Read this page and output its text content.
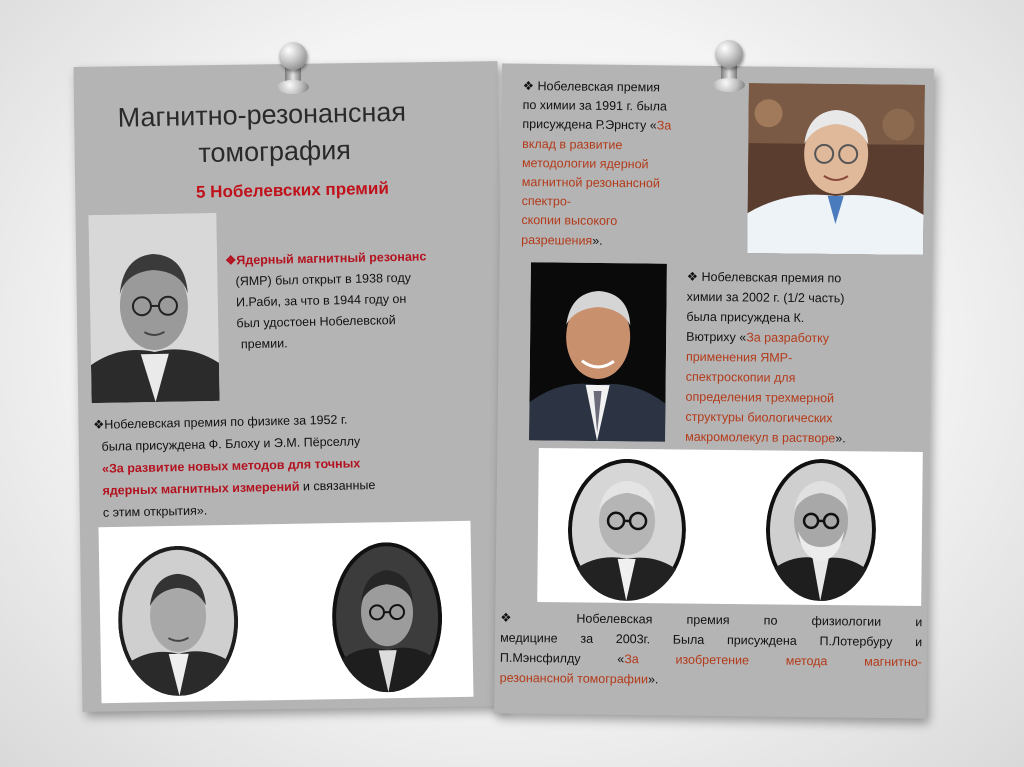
Магнитно-резонансная
томография
5 Нобелевских премий
❖Ядерный магнитный резонанс
(ЯМР) был открыт в 1938 году
И.Раби, за что в 1944 году он
был удостоен Нобелевской
премии.
❖Нобелевская премия по физике за 1952 г.
была присуждена Ф. Блоху и Э.М. Пёрселлу
«За развитие новых методов для точных
ядерных магнитных измерений и связанные
с этим открытия».
❖ Нобелевская премия
по химии за 1991 г. была
присуждена Р.Эрнсту «За
вклад в развитие
методологии ядерной
магнитной резонансной
спектро-
скопии высокого
разрешения».
❖ Нобелевская премия по
химии за 2002 г. (1/2 часть)
была присуждена К.
Вютриху «За разработку
применения ЯМР-
спектроскопии для
определения трехмерной
структуры биологических
макромолекул в растворе».
❖ Нобелевская премия по физиологии и
медицине за 2003г. Была присуждена П.Лотербуру и
П.Мэнсфилду «За изобретение метода магнитно-
резонансной томографии».
